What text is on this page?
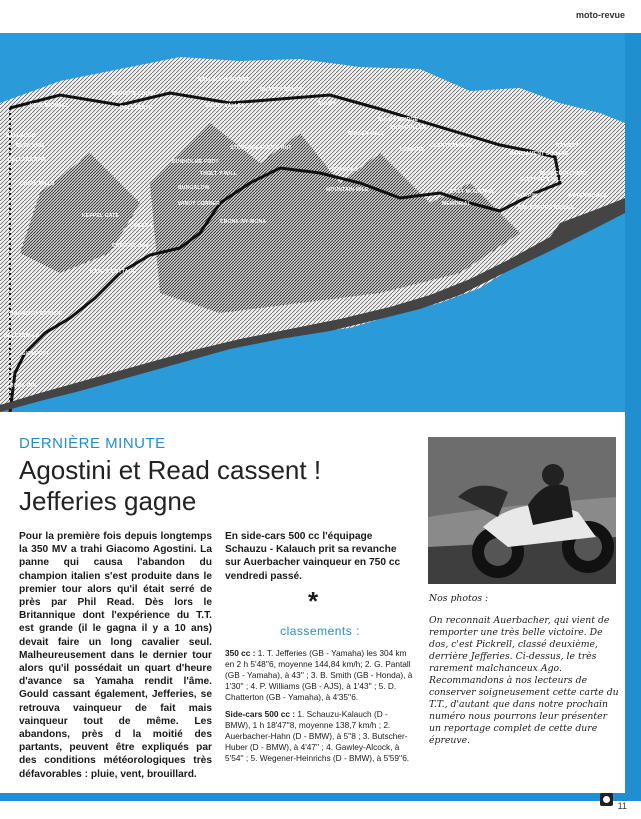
moto-revue
BALLAUGH BRIDGE
QUARRY BENDS
SULBY
BISHOPS COURT
SULBY VALLEY
BALLACRYE
SULBY BRIDGE
RAMSEY
KIRK MICHAEL
GINGER HALL
RHENCULLEN
GLENTRAMMAN
BALLAUGH
LEZAYRE
PARLIAMENT SQUARE
STONEBREAKER'S HUT
BALLACRAINE	DUNHOLME FOOT
STEPPER'S HILL
HAIRPIN	WATERWORKS
BUNGALOW
THOLT-Y-WILL
VERANDAH
WINDY CORNER
MOUNTAIN MILE	EAST MOUNTAIN
MEMORIAL
CREG-NY-BAA
KATE'S COTTAGE
SIGNPOST
GLEN VINE
UNION MILLS
KEPPEL GATE
GREEBA
CRONK-NY-MONA
BRANDISH CORNER
BALLASALLA
GOVERNORS BRIDGE
GLENCRUTCHERY
CRONK INN
DERNIÈRE MINUTE
Agostini et Read cassent !
Jefferies gagne
Pour la première fois depuis longtemps la 350 MV a trahi Giacomo Agostini. La panne qui causa l'abandon du champion italien s'est produite dans le premier tour alors qu'il était serré de près par Phil Read. Dès lors le Britannique dont l'expérience du T.T. est grande (il le gagna il y a 10 ans) devait faire un long cavalier seul. Malheureusement dans le dernier tour alors qu'il possédait un quart d'heure d'avance sa Yamaha rendit l'âme. Gould cassant également, Jefferies, se retrouva vainqueur de fait mais vainqueur tout de même. Les abandons, près d la moitié des partants, peuvent être expliqués par des conditions météorologiques très défavorables : pluie, vent, brouillard.
En side-cars 500 cc l'équipage Schauzu - Kalauch prit sa revanche sur Auerbacher vainqueur en 750 cc vendredi passé.
*
classements :

350 cc : 1. T. Jefferies (GB - Yamaha) les 304 km en 2 h 5'48''6, moyenne 144,84 km/h; 2. G. Pantall (GB - Yamaha), à 43'' ; 3. B. Smith (GB - Honda), à 1'30'' ; 4. P. Williams (GB - AJS), à 1'43'' ; 5. D. Chatterton (GB - Yamaha), à 4'35''6.

Side-cars 500 cc : 1. Schauzu-Kalauch (D - BMW), 1 h 18'47''8, moyenne 138,7 km/h ; 2. Auerbacher-Hahn (D - BMW), à 5''8 ; 3. Butscher-Huber (D - BMW), à 4'47'' ; 4. Gawley-Alcock, à 5'54'' ; 5. Wegener-Heinrichs (D - BMW), à 5'59''6.

Nos photos :

On reconnait Auerbacher, qui vient de remporter une très belle victoire. De dos, c'est Pickrell, classé deuxième, derrière Jefferies. Ci-dessus, le très rarement malchanceux Ago. Recommandons à nos lecteurs de conserver soigneusement cette carte du T.T., d'autant que dans notre prochain numéro nous pourrons leur présenter un reportage complet de cette dure épreuve.

11
